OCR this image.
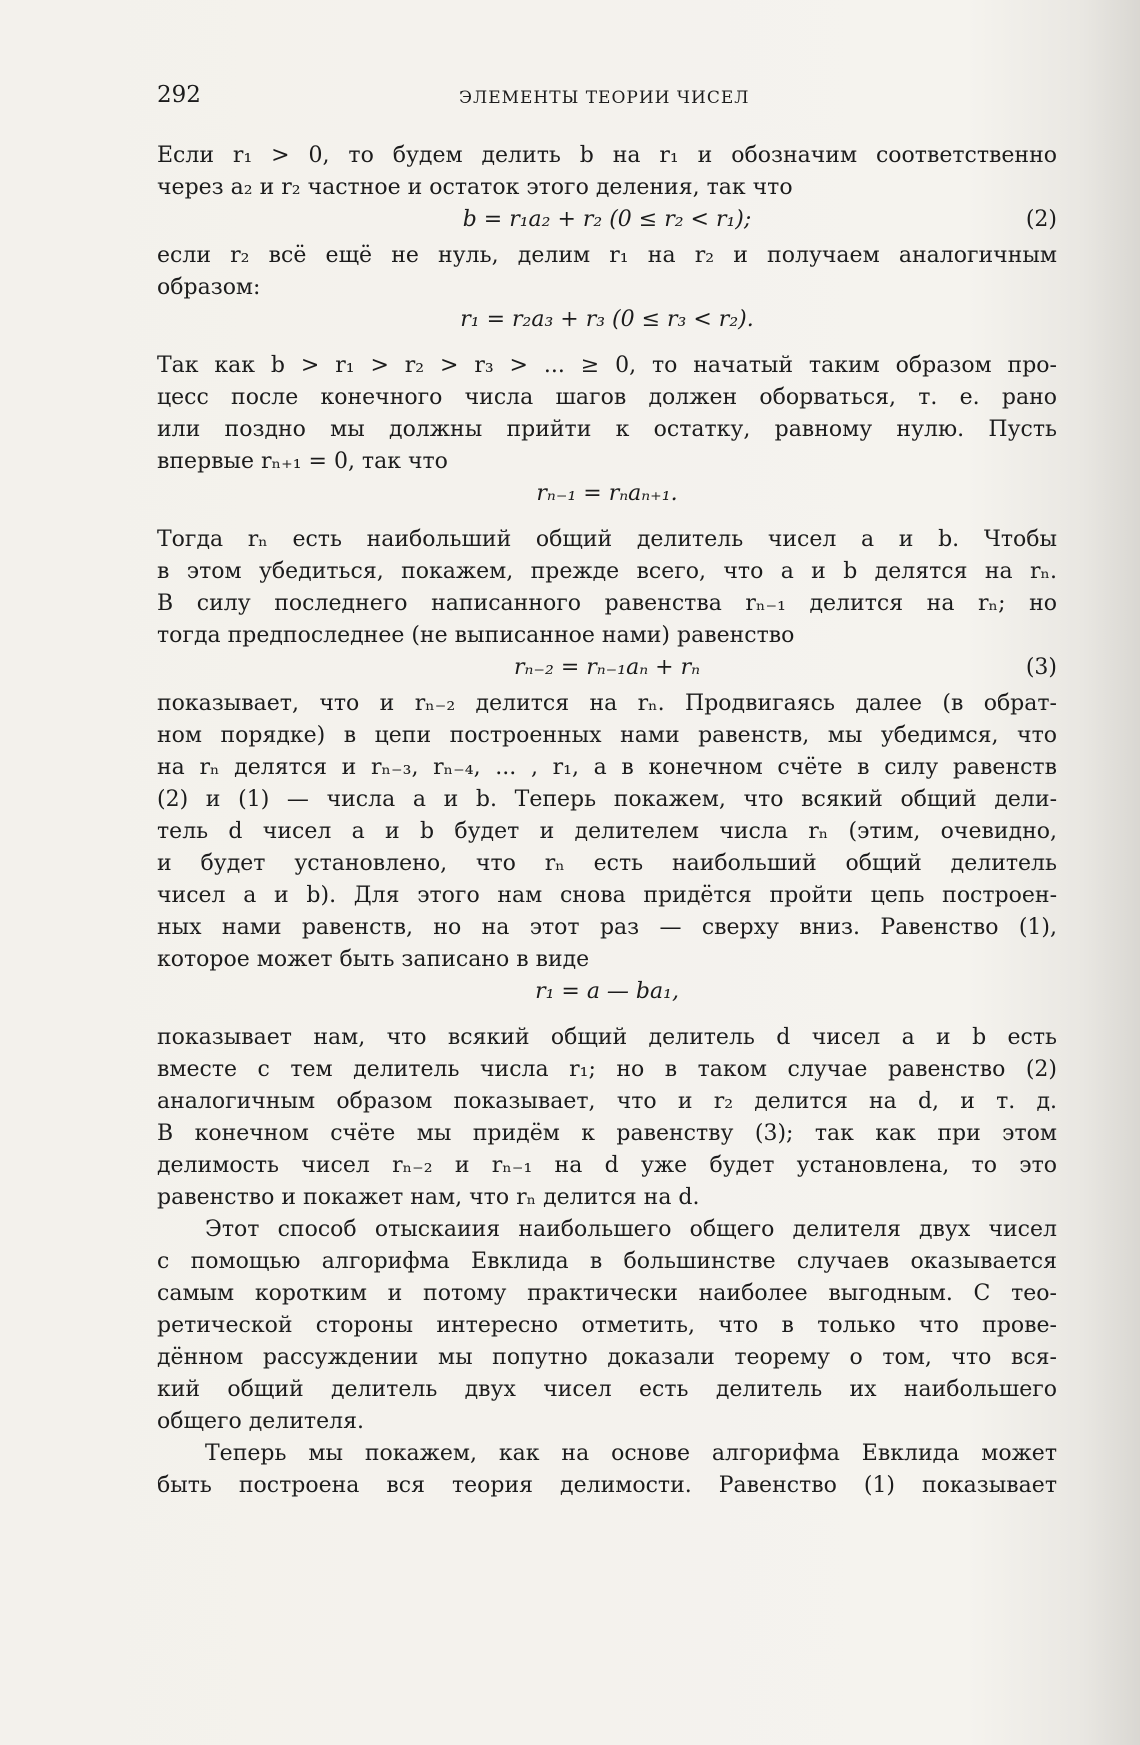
292	ЭЛЕМЕНТЫ ТЕОРИИ ЧИСЕЛ
Если r₁ > 0, то будем делить b на r₁ и обозначим соответственно
через a₂ и r₂ частное и остаток этого деления, так что
b = r₁a₂ + r₂ (0 ≤ r₂ < r₁);	(2)
если r₂ всё ещё не нуль, делим r₁ на r₂ и получаем аналогичным
образом:
r₁ = r₂a₃ + r₃ (0 ≤ r₃ < r₂).
Так как b > r₁ > r₂ > r₃ > ... ≥ 0, то начатый таким образом про-
цесс после конечного числа шагов должен оборваться, т. е. рано
или поздно мы должны прийти к остатку, равному нулю. Пусть
впервые rₙ₊₁ = 0, так что
rₙ₋₁ = rₙaₙ₊₁.
Тогда rₙ есть наибольший общий делитель чисел a и b. Чтобы
в этом убедиться, покажем, прежде всего, что a и b делятся на rₙ.
В силу последнего написанного равенства rₙ₋₁ делится на rₙ; но
тогда предпоследнее (не выписанное нами) равенство
rₙ₋₂ = rₙ₋₁aₙ + rₙ	(3)
показывает, что и rₙ₋₂ делится на rₙ. Продвигаясь далее (в обрат-
ном порядке) в цепи построенных нами равенств, мы убедимся, что
на rₙ делятся и rₙ₋₃, rₙ₋₄, ... , r₁, а в конечном счёте в силу равенств
(2) и (1) — числа a и b. Теперь покажем, что всякий общий дели-
тель d чисел a и b будет и делителем числа rₙ (этим, очевидно,
и будет установлено, что rₙ есть наибольший общий делитель
чисел a и b). Для этого нам снова придётся пройти цепь построен-
ных нами равенств, но на этот раз — сверху вниз. Равенство (1),
которое может быть записано в виде
r₁ = a — ba₁,
показывает нам, что всякий общий делитель d чисел a и b есть
вместе с тем делитель числа r₁; но в таком случае равенство (2)
аналогичным образом показывает, что и r₂ делится на d, и т. д.
В конечном счёте мы придём к равенству (3); так как при этом
делимость чисел rₙ₋₂ и rₙ₋₁ на d уже будет установлена, то это
равенство и покажет нам, что rₙ делится на d.
Этот способ отыскаиия наибольшего общего делителя двух чисел
с помощью алгорифма Евклида в большинстве случаев оказывается
самым коротким и потому практически наиболее выгодным. С тео-
ретической стороны интересно отметить, что в только что прове-
дённом рассуждении мы попутно доказали теорему о том, что вся-
кий общий делитель двух чисел есть делитель их наибольшего
общего делителя.
Теперь мы покажем, как на основе алгорифма Евклида может
быть построена вся теория делимости. Равенство (1) показывает
